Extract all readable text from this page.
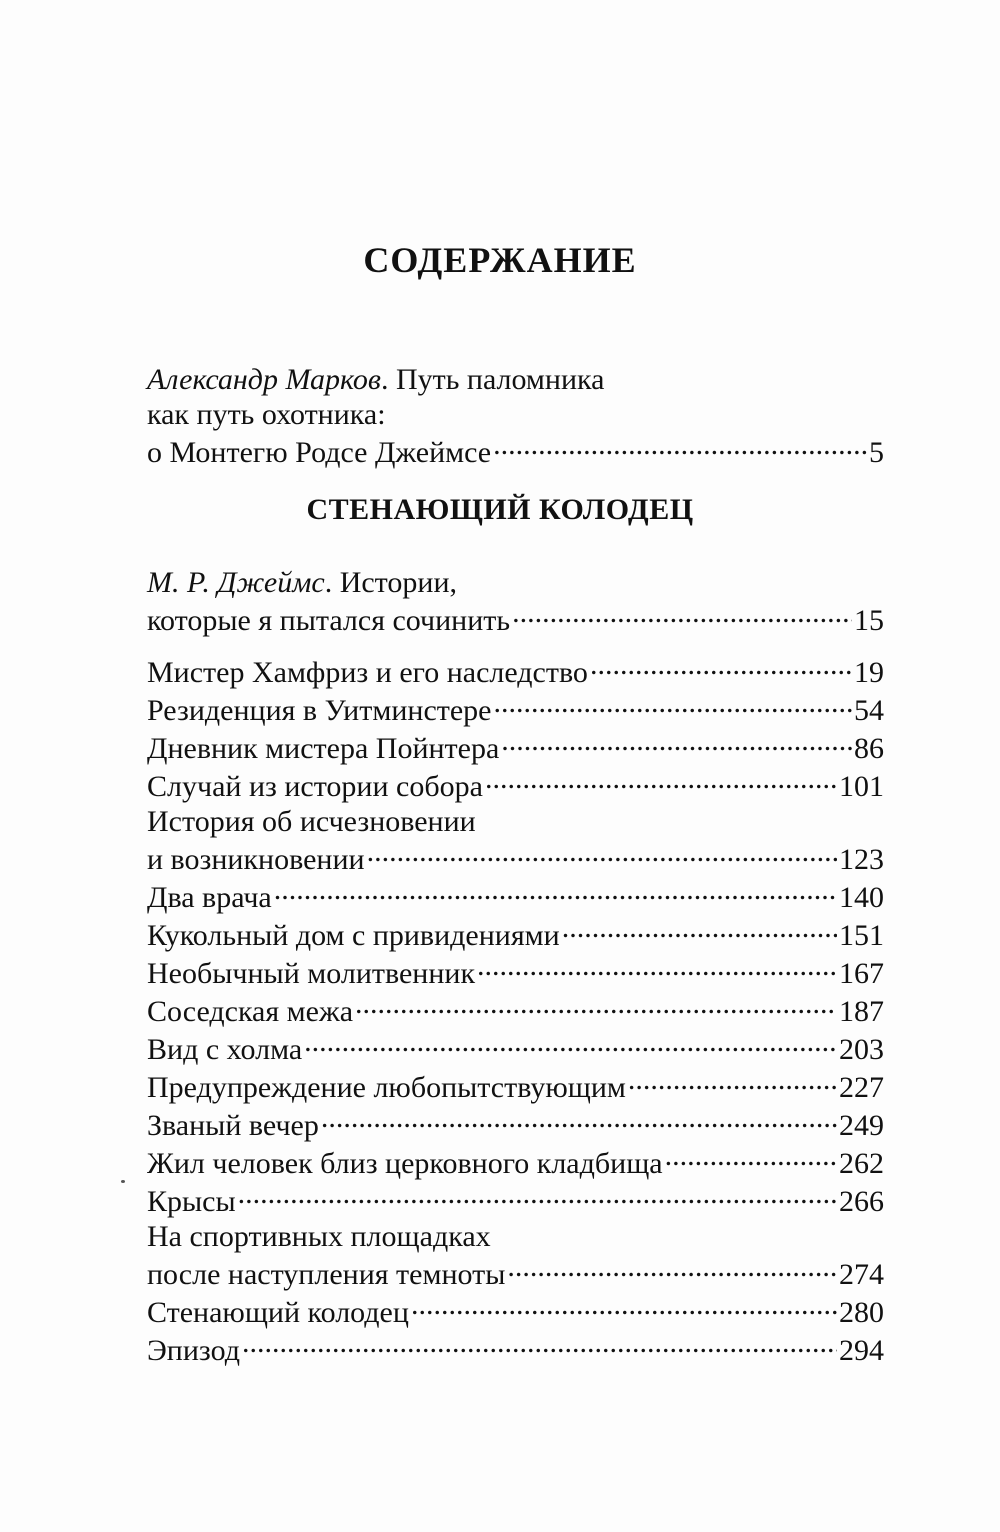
СОДЕРЖАНИЕ
Александр Марков. Путь паломника
как путь охотника:
о Монтегю Родсе Джеймсе .....	5
СТЕНАЮЩИЙ КОЛОДЕЦ
М. Р. Джеймс. Истории,
которые я пытался сочинить .....	15
Мистер Хамфриз и его наследство .....	19
Резиденция в Уитминстере .....	54
Дневник мистера Пойнтера .....	86
Случай из истории собора .....	101
История об исчезновении
и возникновении .....	123
Два врача .....	140
Кукольный дом с привидениями .....	151
Необычный молитвенник .....	167
Соседская межа .....	187
Вид с холма .....	203
Предупреждение любопытствующим .....	227
Званый вечер .....	249
Жил человек близ церковного кладбища .....	262
Крысы .....	266
На спортивных площадках
после наступления темноты .....	274
Стенающий колодец .....	280
Эпизод .....	294
